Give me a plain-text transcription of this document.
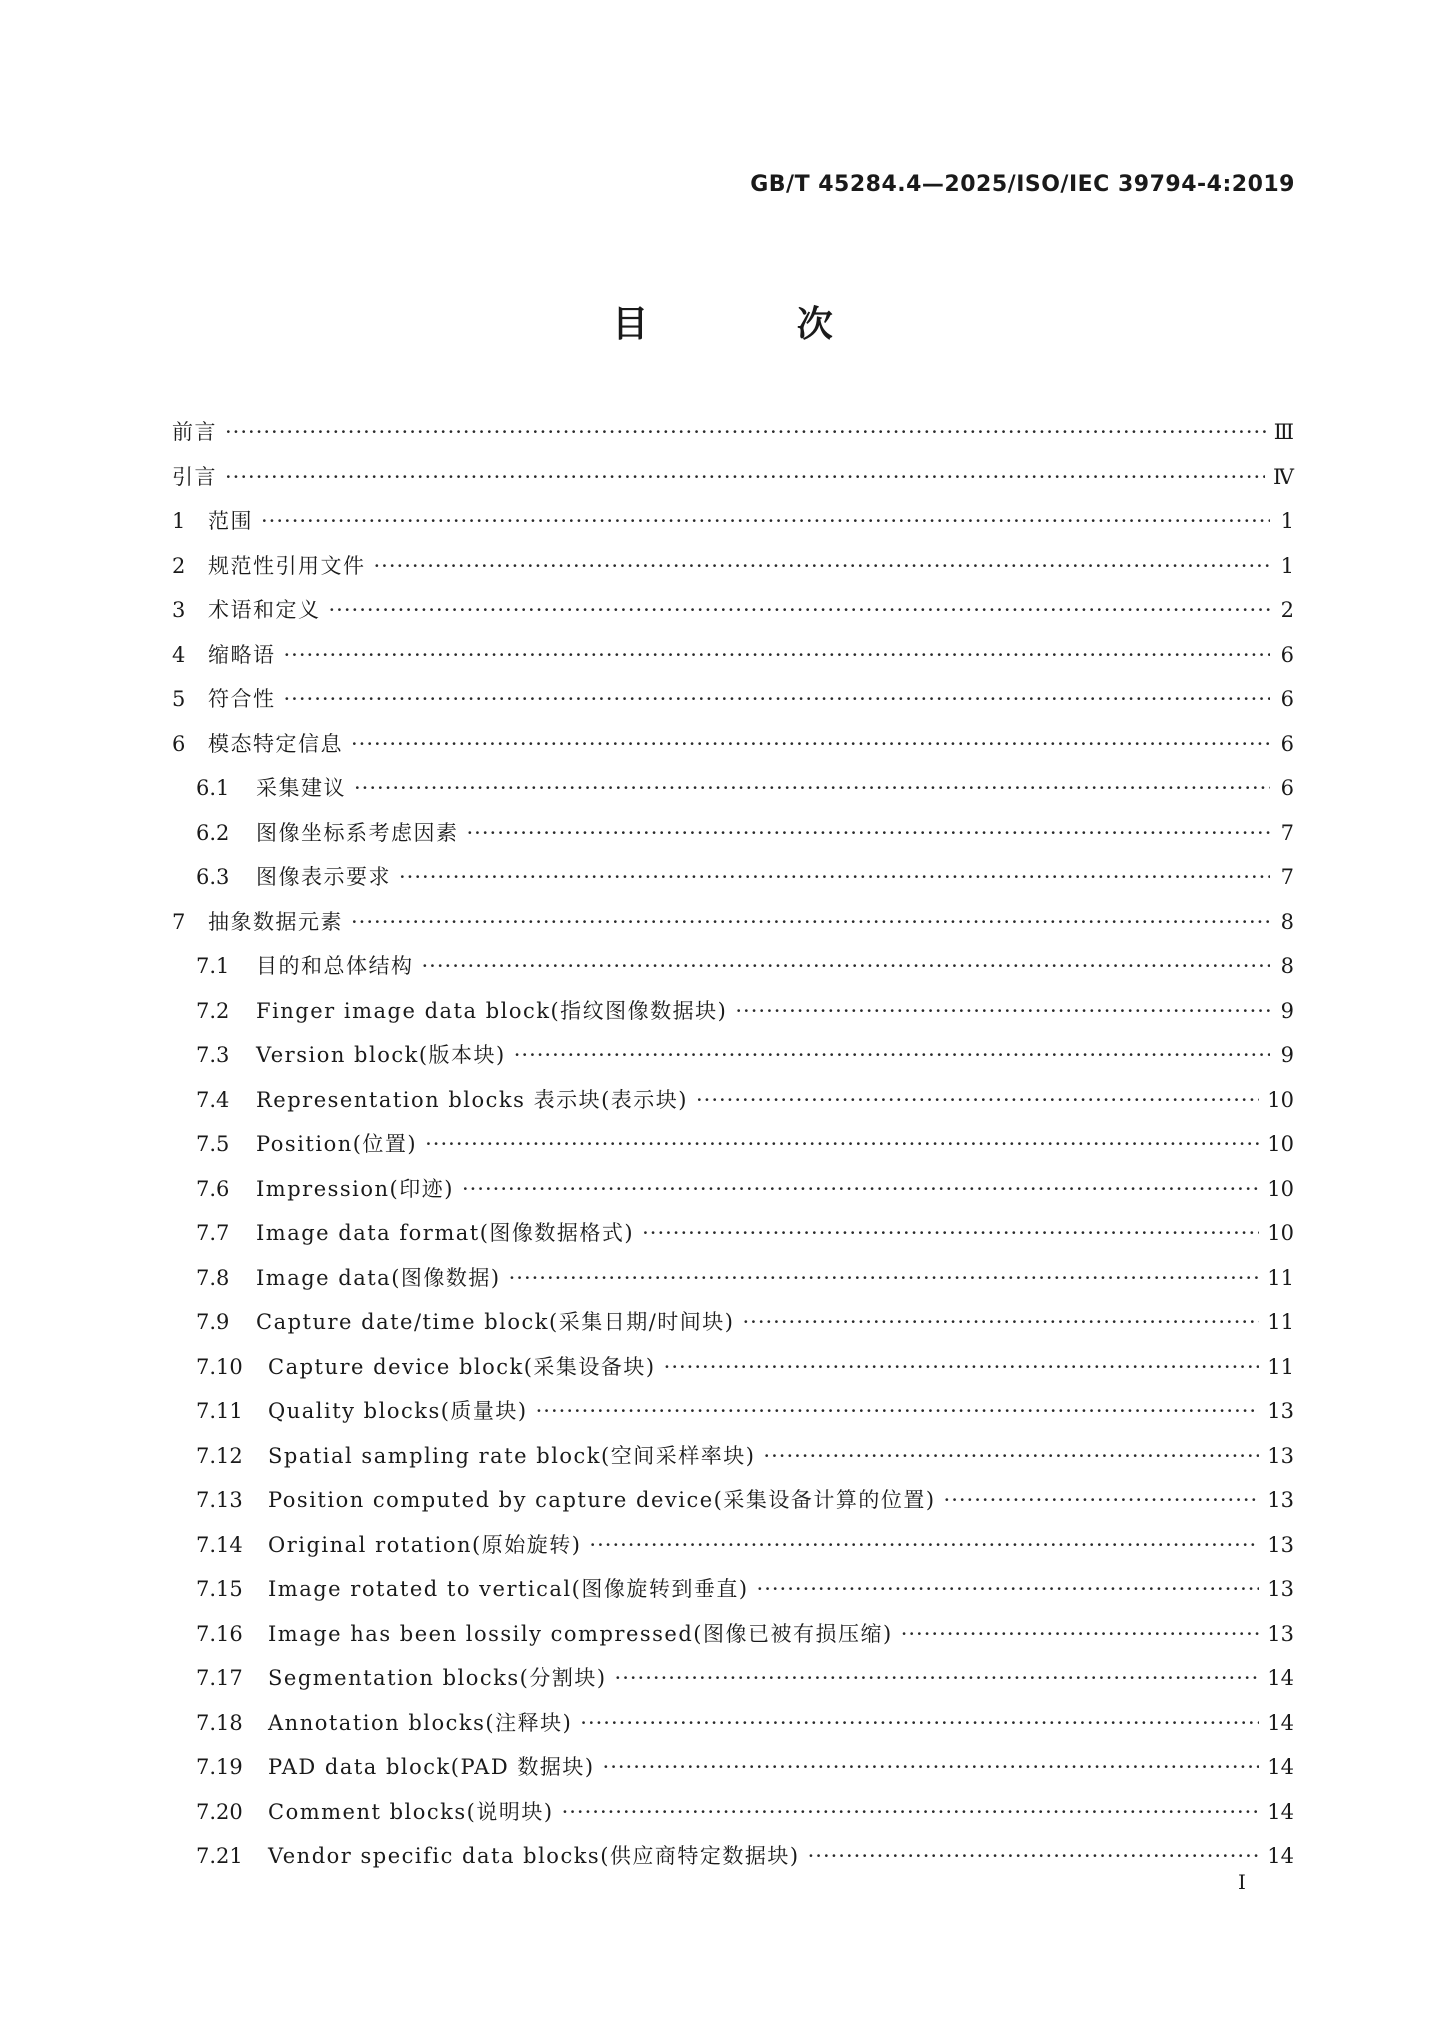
GB/T 45284.4—2025/ISO/IEC 39794-4:2019
目 次
前言 ·····	Ⅲ
引言 ·····	Ⅳ
1	范围 ·····	1
2	规范性引用文件 ·····	1
3	术语和定义 ·····	2
4	缩略语 ·····	6
5	符合性 ·····	6
6	模态特定信息 ·····	6
6.1	采集建议 ·····	6
6.2	图像坐标系考虑因素 ·····	7
6.3	图像表示要求 ·····	7
7	抽象数据元素 ·····	8
7.1	目的和总体结构 ·····	8
7.2	Finger image data block(指纹图像数据块) ·····	9
7.3	Version block(版本块) ·····	9
7.4	Representation blocks 表示块(表示块) ·····	10
7.5	Position(位置) ·····	10
7.6	Impression(印迹) ·····	10
7.7	Image data format(图像数据格式) ·····	10
7.8	Image data(图像数据) ·····	11
7.9	Capture date/time block(采集日期/时间块) ·····	11
7.10	Capture device block(采集设备块) ·····	11
7.11	Quality blocks(质量块) ·····	13
7.12	Spatial sampling rate block(空间采样率块) ·····	13
7.13	Position computed by capture device(采集设备计算的位置) ·····	13
7.14	Original rotation(原始旋转) ·····	13
7.15	Image rotated to vertical(图像旋转到垂直) ·····	13
7.16	Image has been lossily compressed(图像已被有损压缩) ·····	13
7.17	Segmentation blocks(分割块) ·····	14
7.18	Annotation blocks(注释块) ·····	14
7.19	PAD data block(PAD 数据块) ·····	14
7.20	Comment blocks(说明块) ·····	14
7.21	Vendor specific data blocks(供应商特定数据块) ·····	14
Ⅰ
